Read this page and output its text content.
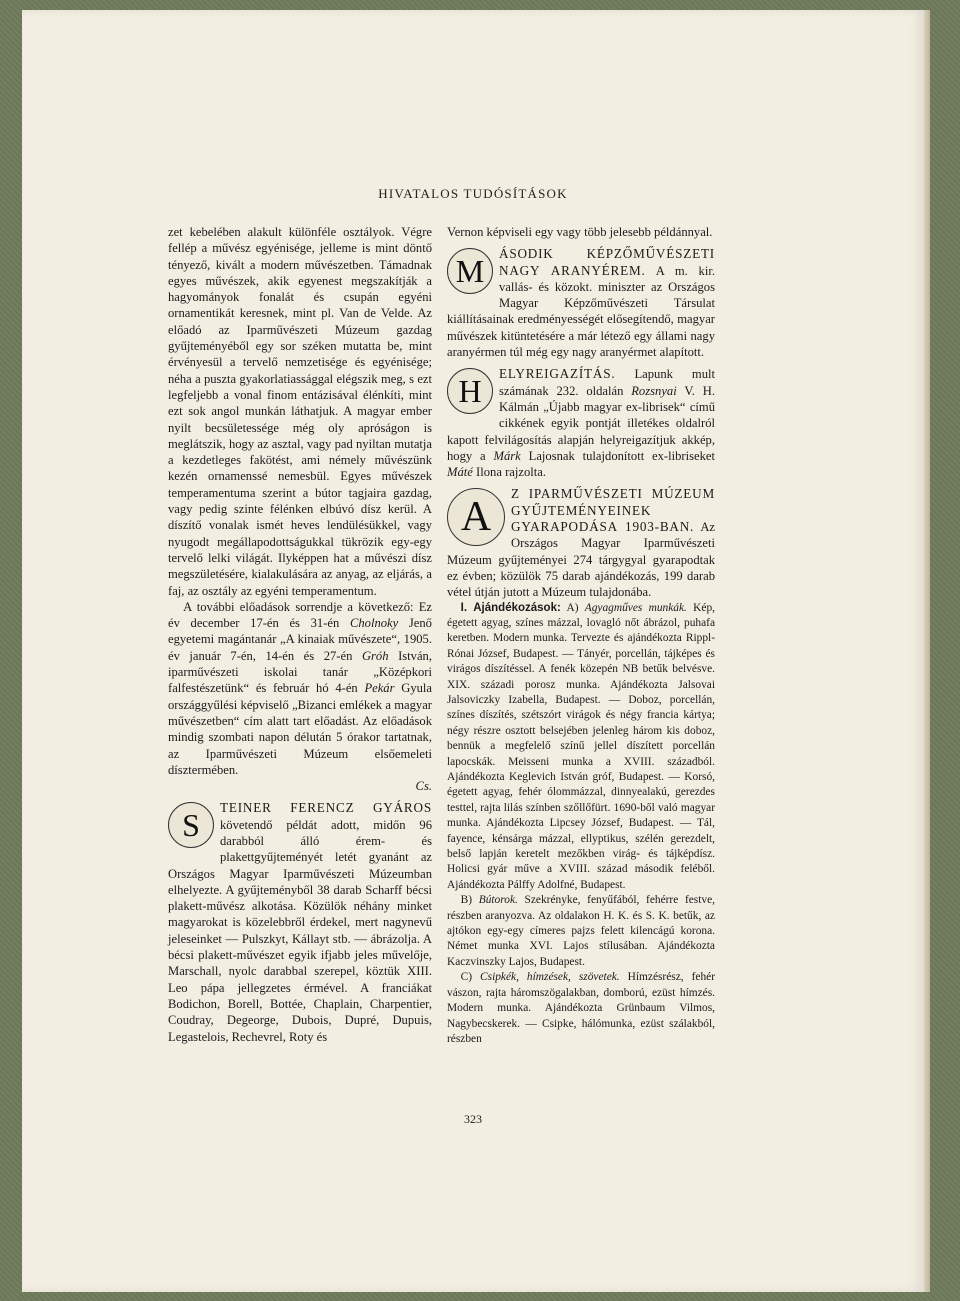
HIVATALOS TUDÓSÍTÁSOK

zet kebelében alakult különféle osztályok. Végre fellép a művész egyénisége, jelleme is mint döntő tényező, kivált a modern művészetben. Támadnak egyes művészek, akik egyenest megszakítják a hagyományok fonalát és csupán egyéni ornamentikát keresnek, mint pl. Van de Velde. Az előadó az Iparművészeti Múzeum gazdag gyűjteményéből egy sor széken mutatta be, mint érvényesül a tervelő nemzetisége és egyénisége; néha a puszta gyakorlatiassággal elégszik meg, s ezt legfeljebb a vonal finom entázisával élénkíti, mint ezt sok angol munkán láthatjuk. A magyar ember nyilt becsületessége még oly apróságon is meglátszik, hogy az asztal, vagy pad nyiltan mutatja a kezdetleges fakötést, ami némely művészünk kezén ornamenssé nemesbül. Egyes művészek temperamentuma szerint a bútor tagjaira gazdag, vagy pedig szinte félénken elbúvó dísz kerül. A díszítő vonalak ismét heves lendülésükkel, vagy nyugodt megállapodottságukkal tükrözik egy-egy tervelő lelki világát. Ilyképpen hat a művészi dísz megszületésére, kialakulására az anyag, az eljárás, a faj, az osztály az egyéni temperamentum.

A további előadások sorrendje a következő: Ez év december 17-én és 31-én Cholnoky Jenő egyetemi magántanár „A kinaiak művészete“, 1905. év január 7-én, 14-én és 27-én Gróh István, iparművészeti iskolai tanár „Középkori falfestészetünk“ és február hó 4-én Pekár Gyula országgyűlési képviselő „Bizanci emlékek a magyar művészetben“ cím alatt tart előadást. Az előadások mindig szombati napon délután 5 órakor tartatnak, az Iparművészeti Múzeum elsőemeleti dísztermében.

Cs.

S	TEINER FERENCZ GYÁROS követendő példát adott, midőn 96 darabból álló érem- és plakettgyűjteményét letét gyanánt az Országos Magyar Iparművészeti Múzeumban elhelyezte. A gyűjteményből 38 darab Scharff bécsi plakett-művész alkotása. Közülök néhány minket magyarokat is közelebbről érdekel, mert nagynevű jeleseinket — Pulszkyt, Kállayt stb. — ábrázolja. A bécsi plakett-művészet egyik ifjabb jeles művelője, Marschall, nyolc darabbal szerepel, köztük XIII. Leo pápa jellegzetes érmével. A franciákat Bodichon, Borell, Bottée, Chaplain, Charpentier, Coudray, Degeorge, Dubois, Dupré, Dupuis, Legastelois, Rechevrel, Roty és

Vernon képviseli egy vagy több jelesebb példánnyal.

M	ÁSODIK KÉPZŐMŰVÉSZETI NAGY ARANYÉREM. A m. kir. vallás- és közokt. miniszter az Országos Magyar Képzőművészeti Társulat kiállításainak eredményességét elősegítendő, magyar művészek kitüntetésére a már létező egy állami nagy aranyérmen túl még egy nagy aranyérmet alapított.

H	ELYREIGAZÍTÁS. Lapunk mult számának 232. oldalán Rozsnyai V. H. Kálmán „Újabb magyar ex-librisek“ című cikkének egyik pontját illetékes oldalról kapott felvilágosítás alapján helyreigazítjuk akkép, hogy a Márk Lajosnak tulajdonított ex-libriseket Máté Ilona rajzolta.

A

Z IPARMŰVÉSZETI MÚZEUM GYŰJTEMÉNYEINEK GYARAPODÁSA 1903-BAN. Az Országos Magyar Iparművészeti Múzeum gyűjteményei 274 tárgygyal gyarapodtak ez évben; közülök 75 darab ajándékozás, 199 darab vétel útján jutott a Múzeum tulajdonába.

I. Ajándékozások: A) Agyagműves munkák. Kép, égetett agyag, színes mázzal, lovagló nőt ábrázol, puhafa keretben. Modern munka. Tervezte és ajándékozta Rippl-Rónai József, Budapest. — Tányér, porcellán, tájképes és virágos díszítéssel. A fenék közepén NB betűk belvésve. XIX. századi porosz munka. Ajándékozta Jalsovai Jalsoviczky Izabella, Budapest. — Doboz, porcellán, színes díszítés, szétszórt virágok és négy francia kártya; négy részre osztott belsejében jelenleg három kis doboz, bennük a megfelelő színű jellel díszített porcellán lapocskák. Meisseni munka a XVIII. századból. Ajándékozta Keglevich István gróf, Budapest. — Korsó, égetett agyag, fehér ólommázzal, dinnyealakú, gerezdes testtel, rajta lilás színben szőllőfürt. 1690-ből való magyar munka. Ajándékozta Lipcsey József, Budapest. — Tál, fayence, kénsárga mázzal, ellyptikus, szélén gerezdelt, belső lapján keretelt mezőkben virág- és tájképdísz. Holicsi gyár műve a XVIII. század második feléből. Ajándékozta Pálffy Adolfné, Budapest.

B) Bútorok. Szekrényke, fenyűfából, fehérre festve, részben aranyozva. Az oldalakon H. K. és S. K. betűk, az ajtókon egy-egy címeres pajzs felett kilencágú korona. Német munka XVI. Lajos stílusában. Ajándékozta Kaczvinszky Lajos, Budapest.

C) Csipkék, hímzések, szövetek. Hímzésrész, fehér vászon, rajta háromszögalakban, domború, ezüst hímzés. Modern munka. Ajándékozta Grünbaum Vilmos, Nagybecskerek. — Csipke, hálómunka, ezüst szálakból, részben

323
